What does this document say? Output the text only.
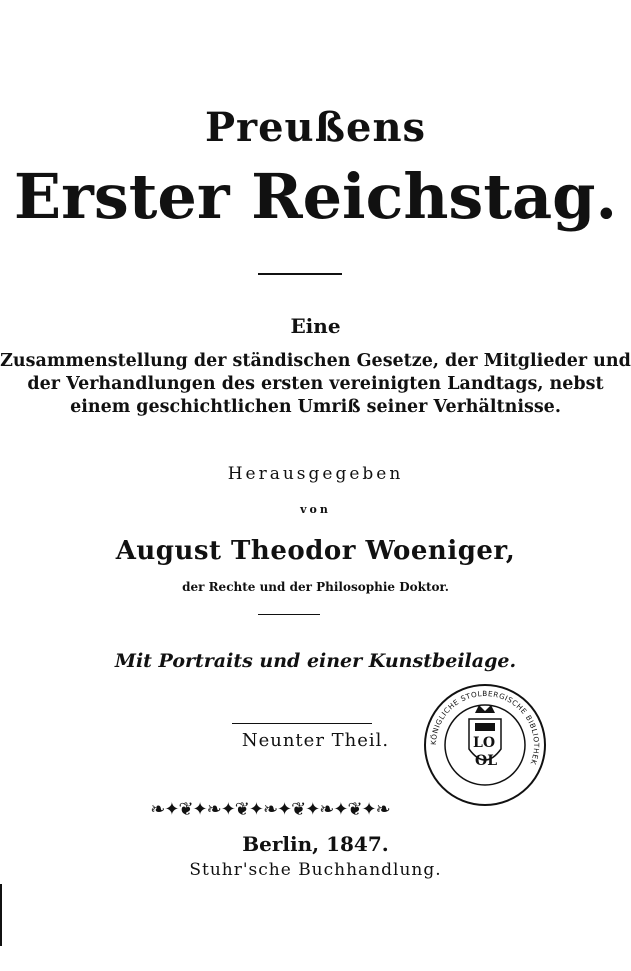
Preußens
Erster Reichstag.
Eine
Zusammenstellung der ständischen Gesetze, der Mitglieder und
der Verhandlungen des ersten vereinigten Landtags, nebst
einem geschichtlichen Umriß seiner Verhältnisse.
Herausgegeben
von
August Theodor Woeniger,
der Rechte und der Philosophie Doktor.
Mit Portraits und einer Kunstbeilage.
Neunter Theil.
❧✦❦✦❧✦❦✦❧✦❦✦❧✦❦✦❧
Berlin, 1847.
Stuhr'sche Buchhandlung.
KÖNIGLICHE STOLBERGISCHE BIBLIOTHEK
LO
OL
